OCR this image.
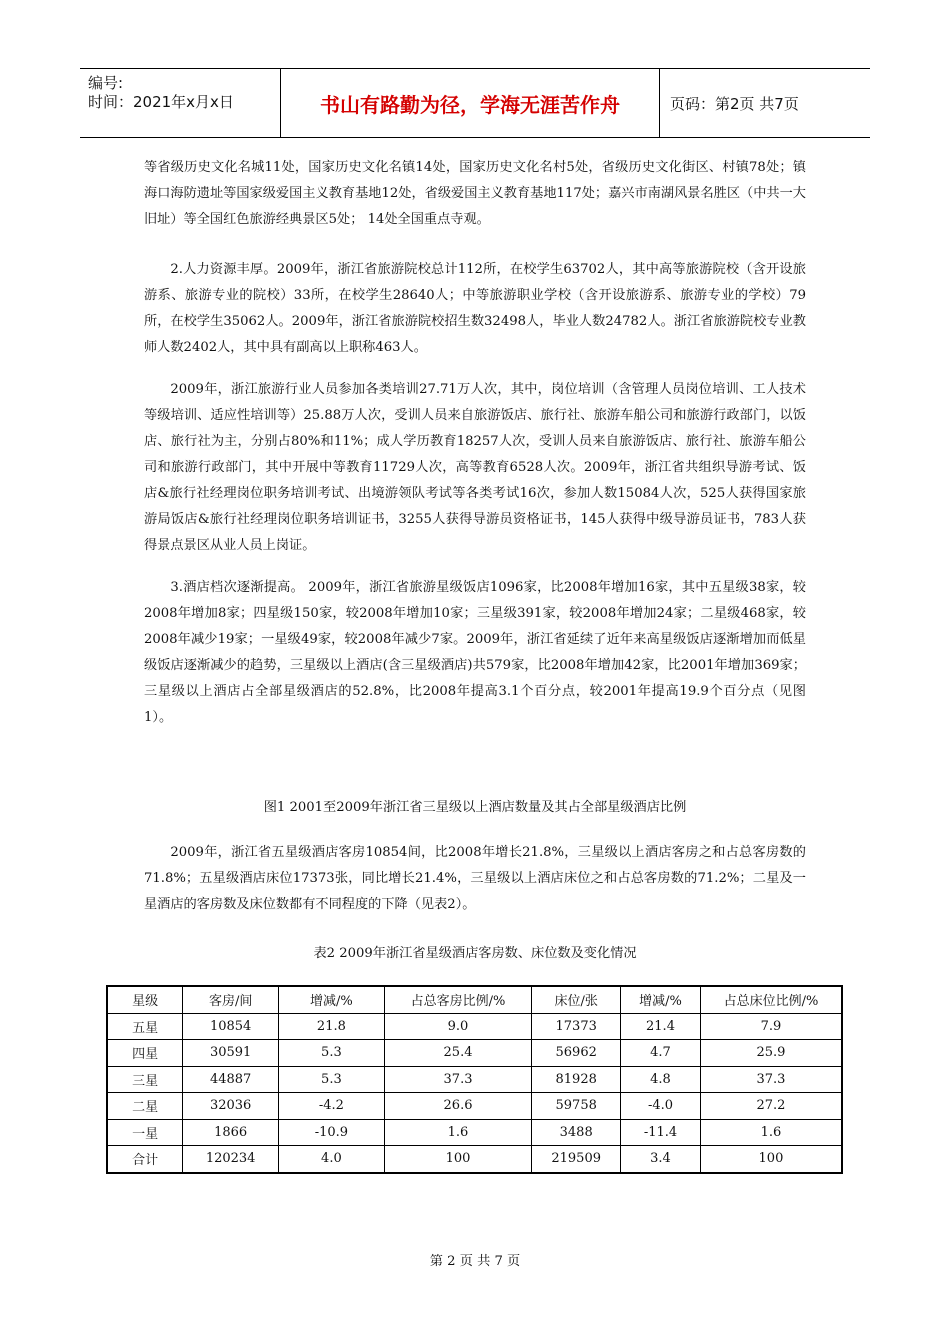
编号:
时间：2021年x月x日	书山有路勤为径，学海无涯苦作舟	页码：第2页 共7页

等省级历史文化名城11处，国家历史文化名镇14处，国家历史文化名村5处，省级历史文化街区、村镇78处；镇海口海防遗址等国家级爱国主义教育基地12处，省级爱国主义教育基地117处；嘉兴市南湖风景名胜区（中共一大旧址）等全国红色旅游经典景区5处； 14处全国重点寺观。

2.人力资源丰厚。2009年，浙江省旅游院校总计112所，在校学生63702人，其中高等旅游院校（含开设旅游系、旅游专业的院校）33所，在校学生28640人；中等旅游职业学校（含开设旅游系、旅游专业的学校）79所，在校学生35062人。2009年，浙江省旅游院校招生数32498人，毕业人数24782人。浙江省旅游院校专业教师人数2402人，其中具有副高以上职称463人。

2009年，浙江旅游行业人员参加各类培训27.71万人次，其中，岗位培训（含管理人员岗位培训、工人技术等级培训、适应性培训等）25.88万人次，受训人员来自旅游饭店、旅行社、旅游车船公司和旅游行政部门，以饭店、旅行社为主，分别占80%和11%；成人学历教育18257人次，受训人员来自旅游饭店、旅行社、旅游车船公司和旅游行政部门，其中开展中等教育11729人次，高等教育6528人次。2009年，浙江省共组织导游考试、饭店&旅行社经理岗位职务培训考试、出境游领队考试等各类考试16次，参加人数15084人次，525人获得国家旅游局饭店&旅行社经理岗位职务培训证书，3255人获得导游员资格证书，145人获得中级导游员证书，783人获得景点景区从业人员上岗证。

3.酒店档次逐渐提高。 2009年，浙江省旅游星级饭店1096家，比2008年增加16家，其中五星级38家，较2008年增加8家；四星级150家，较2008年增加10家；三星级391家，较2008年增加24家；二星级468家，较2008年减少19家；一星级49家，较2008年减少7家。2009年，浙江省延续了近年来高星级饭店逐渐增加而低星级饭店逐渐减少的趋势，三星级以上酒店(含三星级酒店)共579家，比2008年增加42家，比2001年增加369家；三星级以上酒店占全部星级酒店的52.8%，比2008年提高3.1个百分点，较2001年提高19.9个百分点（见图1）。

图1 2001至2009年浙江省三星级以上酒店数量及其占全部星级酒店比例

2009年，浙江省五星级酒店客房10854间，比2008年增长21.8%，三星级以上酒店客房之和占总客房数的71.8%；五星级酒店床位17373张，同比增长21.4%，三星级以上酒店床位之和占总客房数的71.2%；二星及一星酒店的客房数及床位数都有不同程度的下降（见表2）。

表2 2009年浙江省星级酒店客房数、床位数及变化情况
星级	客房/间	增减/%	占总客房比例/%	床位/张	增减/%	占总床位比例/%
五星	10854	21.8	9.0	17373	21.4	7.9
四星	30591	5.3	25.4	56962	4.7	25.9
三星	44887	5.3	37.3	81928	4.8	37.3
二星	32036	-4.2	26.6	59758	-4.0	27.2
一星	1866	-10.9	1.6	3488	-11.4	1.6
合计	120234	4.0	100	219509	3.4	100
第 2 页 共 7 页
